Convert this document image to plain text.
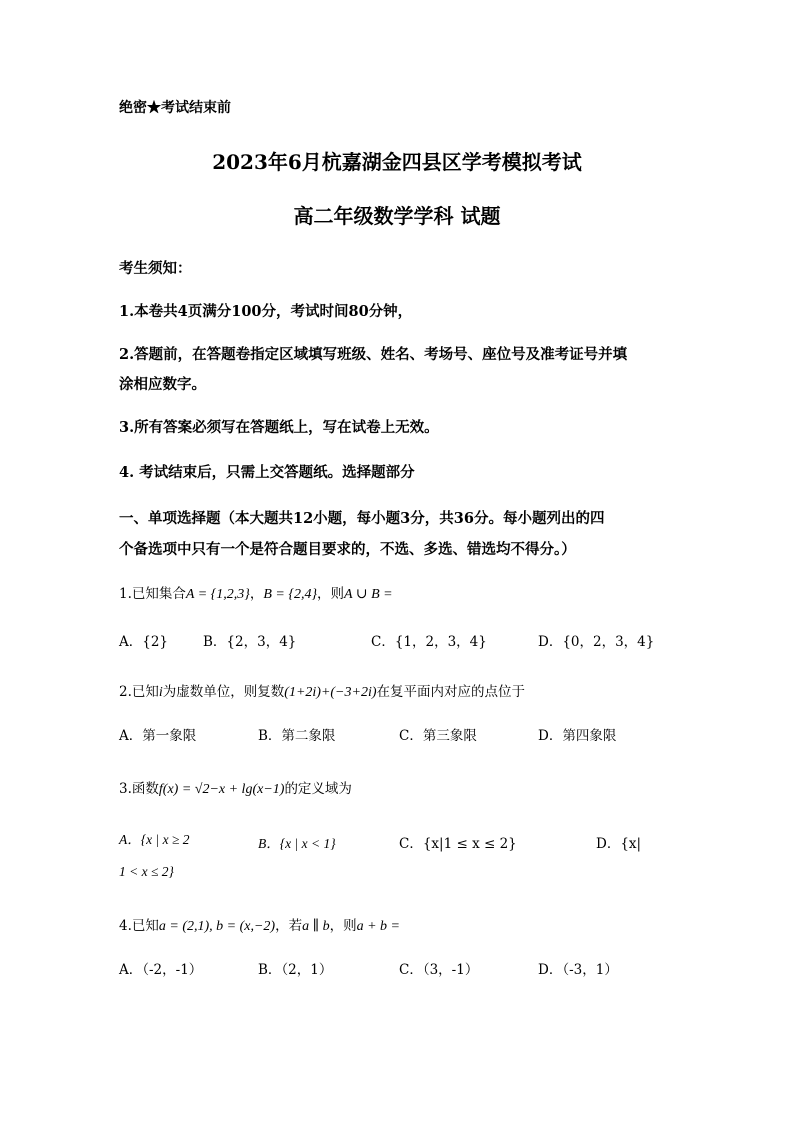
绝密★考试结束前
2023年6月杭嘉湖金四县区学考模拟考试
高二年级数学学科 试题
考生须知：
1.本卷共4页满分100分，考试时间80分钟，
2.答题前，在答题卷指定区域填写班级、姓名、考场号、座位号及准考证号并填
涂相应数字。
3.所有答案必须写在答题纸上，写在试卷上无效。
4. 考试结束后，只需上交答题纸。选择题部分
一、单项选择题（本大题共12小题，每小题3分，共36分。每小题列出的四
个备选项中只有一个是符合题目要求的，不选、多选、错选均不得分。）
1.已知集合A = {1,2,3}，B = {2,4}，则A ∪ B =
A．{2}	B．{2，3，4}	C．{1，2，3，4}	D．{0，2，3，4}
2.已知i为虚数单位，则复数(1+2i)+(−3+2i)在复平面内对应的点位于
A．第一象限	B．第二象限	C．第三象限	D．第四象限
3.函数f(x) = √2−x + lg(x−1)的定义域为
A．{x | x ≥ 2	B．{x | x < 1}	C．{x|1 ≤ x ≤ 2}	D．{x|
1 < x ≤ 2}
4.已知a = (2,1), b = (x,−2)，若a ∥ b，则a + b =
A．（-2，-1）	B．（2，1）	C．（3，-1）	D．（-3，1）
